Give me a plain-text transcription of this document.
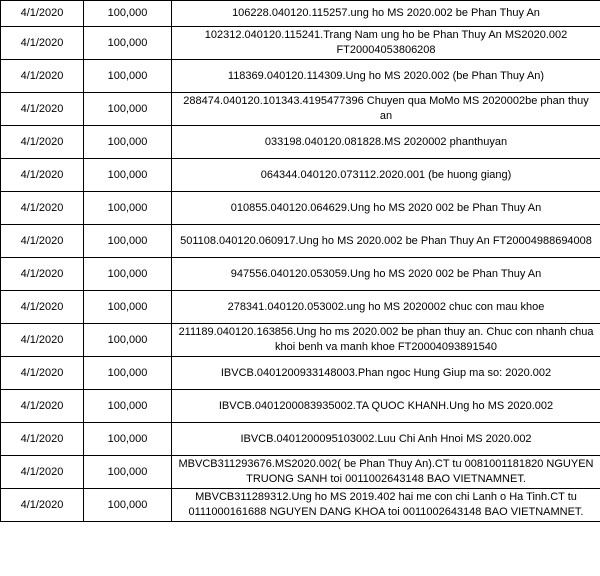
4/1/2020	100,000	106228.040120.115257.ung ho MS 2020.002 be Phan Thuy An
4/1/2020	100,000	102312.040120.115241.Trang Nam ung ho be Phan Thuy An MS2020.002 FT20004053806208
4/1/2020	100,000	118369.040120.114309.Ung ho MS 2020.002 (be Phan Thuy An)
4/1/2020	100,000	288474.040120.101343.4195477396 Chuyen qua MoMo MS 2020002be phan thuy an
4/1/2020	100,000	033198.040120.081828.MS 2020002 phanthuyan
4/1/2020	100,000	064344.040120.073112.2020.001 (be huong giang)
4/1/2020	100,000	010855.040120.064629.Ung ho MS 2020 002 be Phan Thuy An
4/1/2020	100,000	501108.040120.060917.Ung ho MS 2020.002 be Phan Thuy An FT20004988694008
4/1/2020	100,000	947556.040120.053059.Ung ho MS 2020 002 be Phan Thuy An
4/1/2020	100,000	278341.040120.053002.ung ho MS 2020002 chuc con mau khoe
4/1/2020	100,000	211189.040120.163856.Ung ho ms 2020.002 be phan thuy an. Chuc con nhanh chua khoi benh va manh khoe FT20004093891540
4/1/2020	100,000	IBVCB.0401200933148003.Phan ngoc Hung Giup ma so: 2020.002
4/1/2020	100,000	IBVCB.0401200083935002.TA QUOC KHANH.Ung ho MS 2020.002
4/1/2020	100,000	IBVCB.0401200095103002.Luu Chi Anh Hnoi MS 2020.002
4/1/2020	100,000	MBVCB311293676.MS2020.002( be Phan Thuy An).CT tu 0081001181820 NGUYEN TRUONG SANH toi 0011002643148 BAO VIETNAMNET.
4/1/2020	100,000	MBVCB311289312.Ung ho MS 2019.402 hai me con chi Lanh o Ha Tinh.CT tu 0111000161688 NGUYEN DANG KHOA toi 0011002643148 BAO VIETNAMNET.
